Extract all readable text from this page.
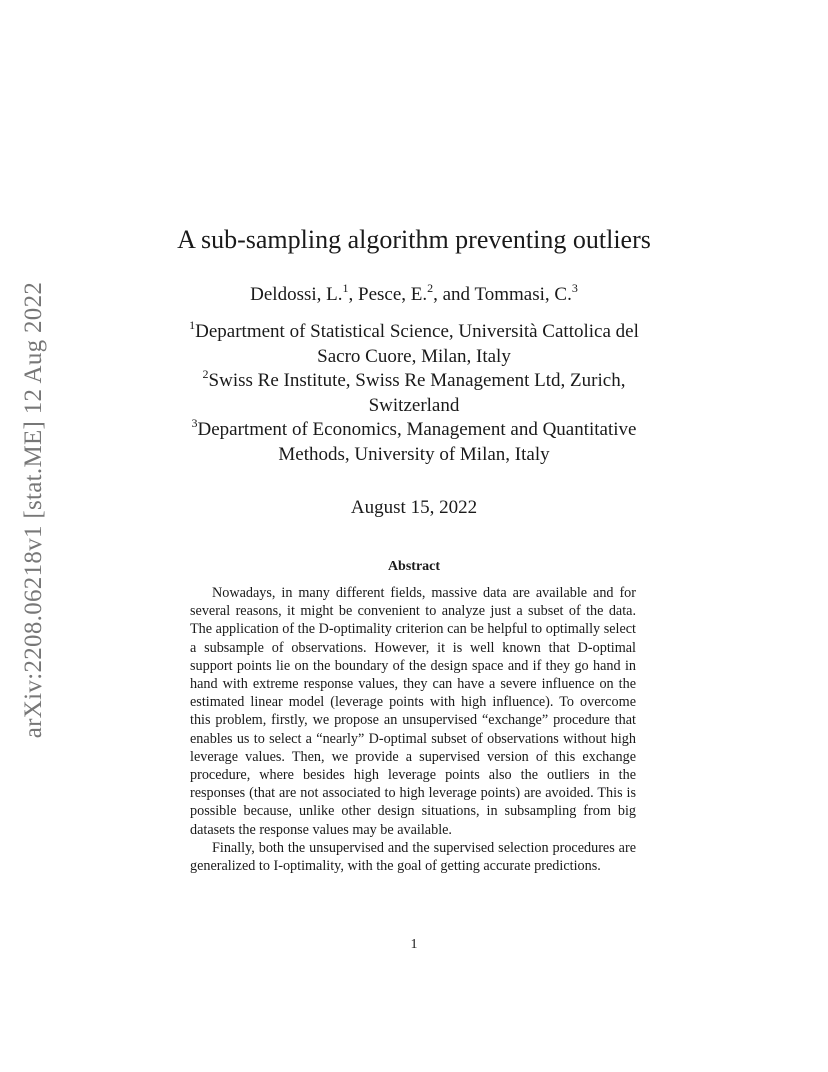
arXiv:2208.06218v1 [stat.ME] 12 Aug 2022
A sub-sampling algorithm preventing outliers
Deldossi, L.$^1$, Pesce, E.$^2$, and Tommasi, C.$^3$
$^1$Department of Statistical Science, Università Cattolica del
Sacro Cuore, Milan, Italy
$^2$Swiss Re Institute, Swiss Re Management Ltd, Zurich,
Switzerland
$^3$Department of Economics, Management and Quantitative
Methods, University of Milan, Italy
August 15, 2022
Abstract

Nowadays, in many different fields, massive data are available and for several reasons, it might be convenient to analyze just a subset of the data. The application of the D-optimality criterion can be helpful to optimally select a subsample of observations. However, it is well known that D-optimal support points lie on the boundary of the design space and if they go hand in hand with extreme response values, they can have a severe influence on the estimated linear model (leverage points with high influence). To overcome this problem, firstly, we propose an unsupervised “exchange” procedure that enables us to select a “nearly” D-optimal subset of observations without high leverage values. Then, we provide a supervised version of this exchange procedure, where besides high leverage points also the outliers in the responses (that are not associated to high leverage points) are avoided. This is possible because, unlike other design situations, in subsampling from big datasets the response values may be available.

Finally, both the unsupervised and the supervised selection procedures are generalized to I-optimality, with the goal of getting accurate predictions.

1
